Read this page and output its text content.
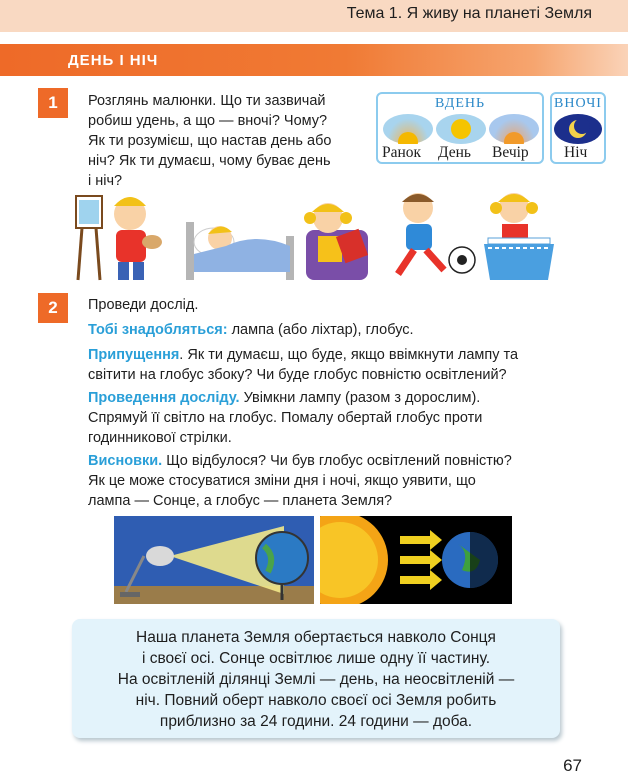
Тема 1. Я живу на планеті Земля
ДЕНЬ І НІЧ
1	Розглянь малюнки. Що ти зазвичай
робиш удень, а що — вночі? Чому?
Як ти розумієш, що настав день або
ніч? Як ти думаєш, чому буває день
і ніч?
ВДЕНЬ
Ранок День Вечір
ВНОЧІ
Ніч
2	Проведи дослід.
Тобі знадобляться: лампа (або ліхтар), глобус.
Припущення. Як ти думаєш, що буде, якщо ввімкнути лампу та
світити на глобус збоку? Чи буде глобус повністю освітлений?
Проведення досліду. Увімкни лампу (разом з дорослим).
Спрямуй її світло на глобус. Помалу обертай глобус проти
годинникової стрілки.
Висновки. Що відбулося? Чи був глобус освітлений повністю?
Як це може стосуватися зміни дня і ночі, якщо уявити, що
лампа — Сонце, а глобус — планета Земля?
Наша планета Земля обертається навколо Сонця
і своєї осі. Сонце освітлює лише одну її частину.
На освітленій ділянці Землі — день, на неосвітленій —
ніч. Повний оберт навколо своєї осі Земля робить
приблизно за 24 години. 24 години — доба.
67
